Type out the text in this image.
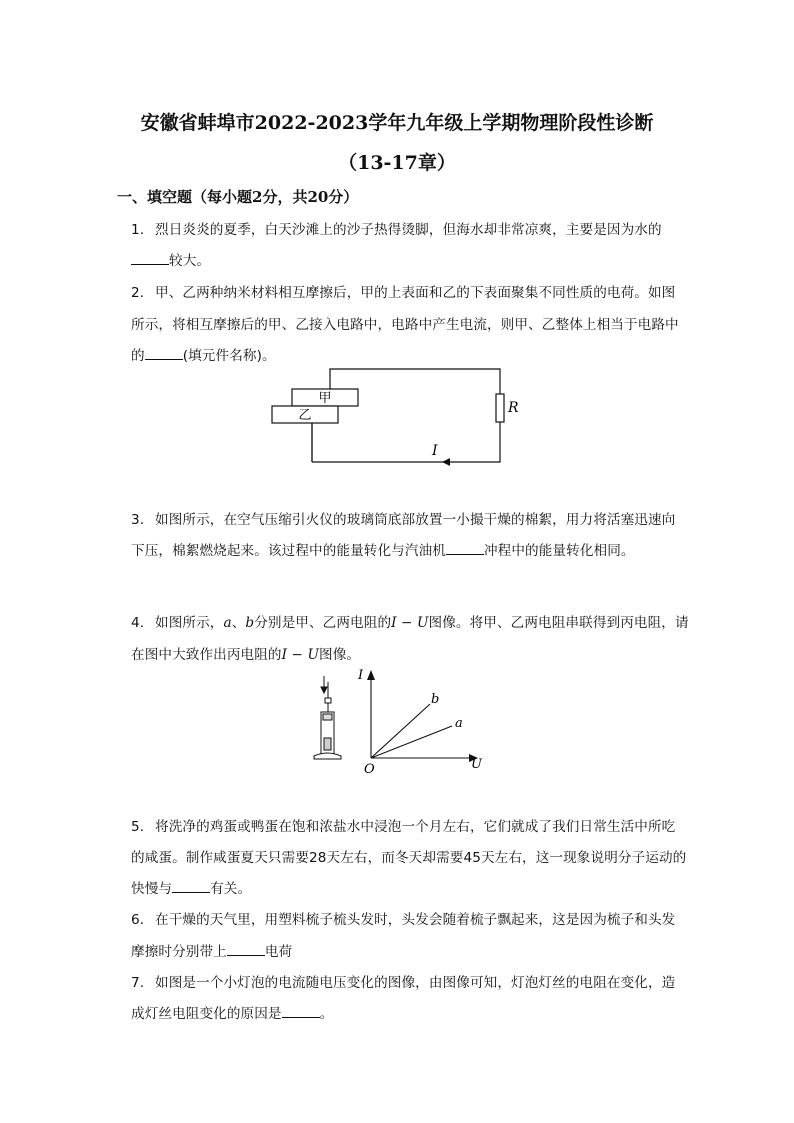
安徽省蚌埠市2022-2023学年九年级上学期物理阶段性诊断
（13-17章）
一、填空题（每小题2分，共20分）
1. 烈日炎炎的夏季，白天沙滩上的沙子热得烫脚，但海水却非常凉爽，主要是因为水的
较大。
2. 甲、乙两种纳米材料相互摩擦后，甲的上表面和乙的下表面聚集不同性质的电荷。如图
所示，将相互摩擦后的甲、乙接入电路中，电路中产生电流，则甲、乙整体上相当于电路中
的	(填元件名称)。
甲
乙	R
I
3. 如图所示，在空气压缩引火仪的玻璃筒底部放置一小撮干燥的棉絮，用力将活塞迅速向
下压，棉絮燃烧起来。该过程中的能量转化与汽油机	冲程中的能量转化相同。
4. 如图所示，a、b分别是甲、乙两电阻的I − U图像。将甲、乙两电阻串联得到丙电阻，请
在图中大致作出丙电阻的I − U图像。
I
U
O
b
a
5. 将洗净的鸡蛋或鸭蛋在饱和浓盐水中浸泡一个月左右，它们就成了我们日常生活中所吃
的咸蛋。制作咸蛋夏天只需要28天左右，而冬天却需要45天左右，这一现象说明分子运动的
快慢与	有关。
6. 在干燥的天气里，用塑料梳子梳头发时，头发会随着梳子飘起来，这是因为梳子和头发
摩擦时分别带上	电荷
7. 如图是一个小灯泡的电流随电压变化的图像，由图像可知，灯泡灯丝的电阻在变化，造
成灯丝电阻变化的原因是	。
